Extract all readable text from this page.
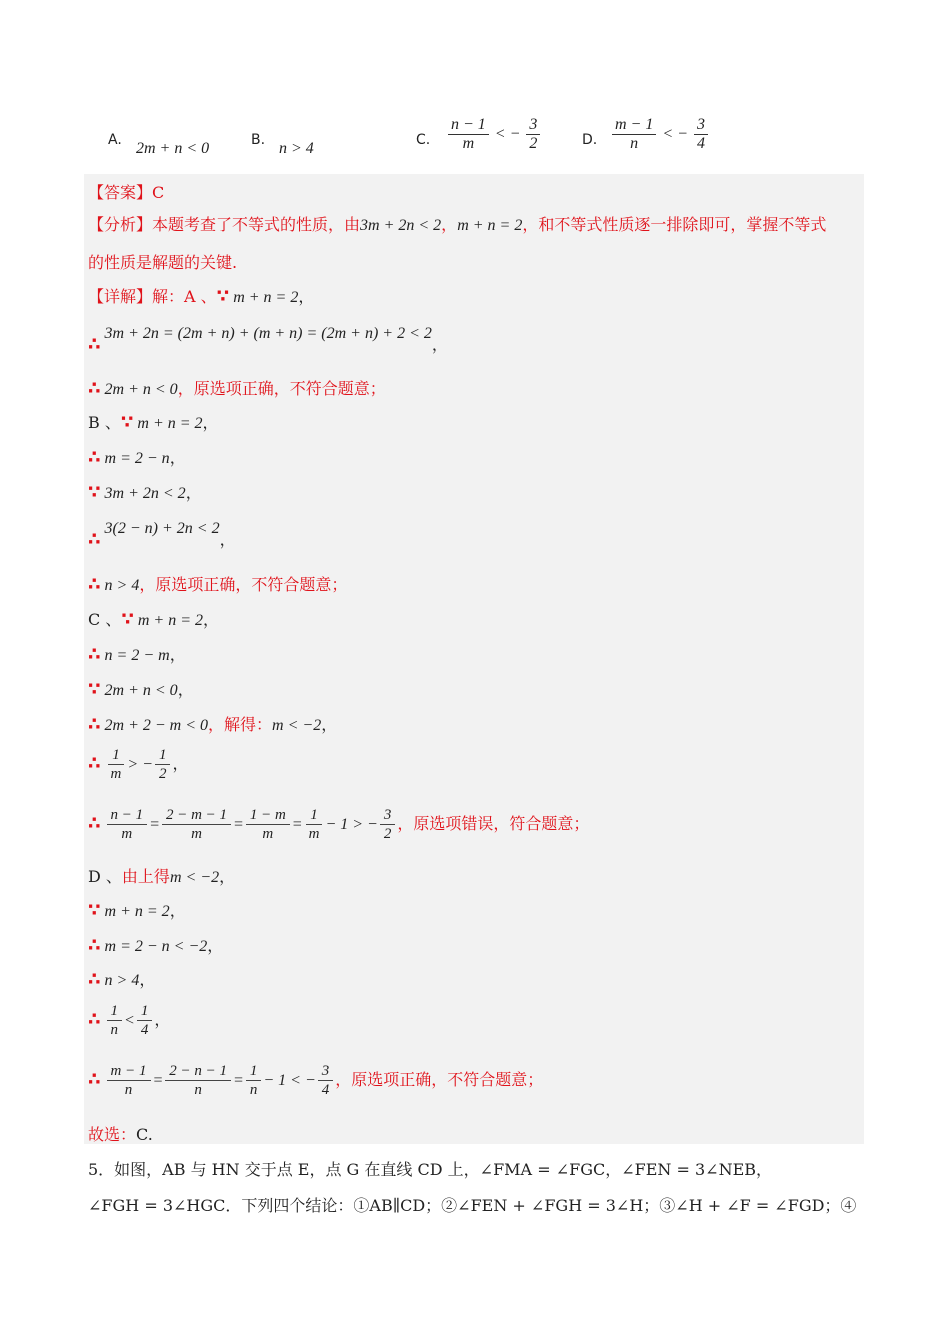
A. 2m + n < 0	B. n > 4	C. $\frac{n - 1}{m}$ < − $\frac{3}{2}$	D. $\frac{m - 1}{n}$ < − $\frac{3}{4}$
【答案】C
【分析】本题考查了不等式的性质，由3m + 2n < 2，m + n = 2，和不等式性质逐一排除即可，掌握不等式
的性质是解题的关键.
【详解】解：A 、∵ m + n = 2，
∴3m + 2n = (2m + n) + (m + n) = (2m + n) + 2 < 2，
∴ 2m + n < 0，原选项正确，不符合题意；
B 、∵ m + n = 2，
∴ m = 2 − n，
∵ 3m + 2n < 2，
∴3(2 − n) + 2n < 2，
∴ n > 4，原选项正确，不符合题意；
C 、∵ m + n = 2，
∴ n = 2 − m，
∵ 2m + n < 0，
∴ 2m + 2 − m < 0，解得：m < −2，
∴ $\frac{1}{m}$ > − $\frac{1}{2}$ ，
∴ $\frac{n - 1}{m} = \frac{2 - m - 1}{m} = \frac{1 - m}{m} = \frac{1}{m} - 1$ > − $\frac{3}{2}$ ，原选项错误，符合题意；
D 、由上得m < −2，
∵ m + n = 2，
∴ m = 2 − n < −2，
∴ n > 4，
∴ $\frac{1}{n} < \frac{1}{4}$ ，
∴ $\frac{m - 1}{n} = \frac{2 - n - 1}{n} = \frac{1}{n} - 1$ < − $\frac{3}{4}$ ，原选项正确，不符合题意；
故选：C.
5．如图，AB 与 HN 交于点 E，点 G 在直线 CD 上，∠FMA = ∠FGC，∠FEN = 3∠NEB，
∠FGH = 3∠HGC．下列四个结论：①AB∥CD；②∠FEN + ∠FGH = 3∠H；③∠H + ∠F = ∠FGD；④
